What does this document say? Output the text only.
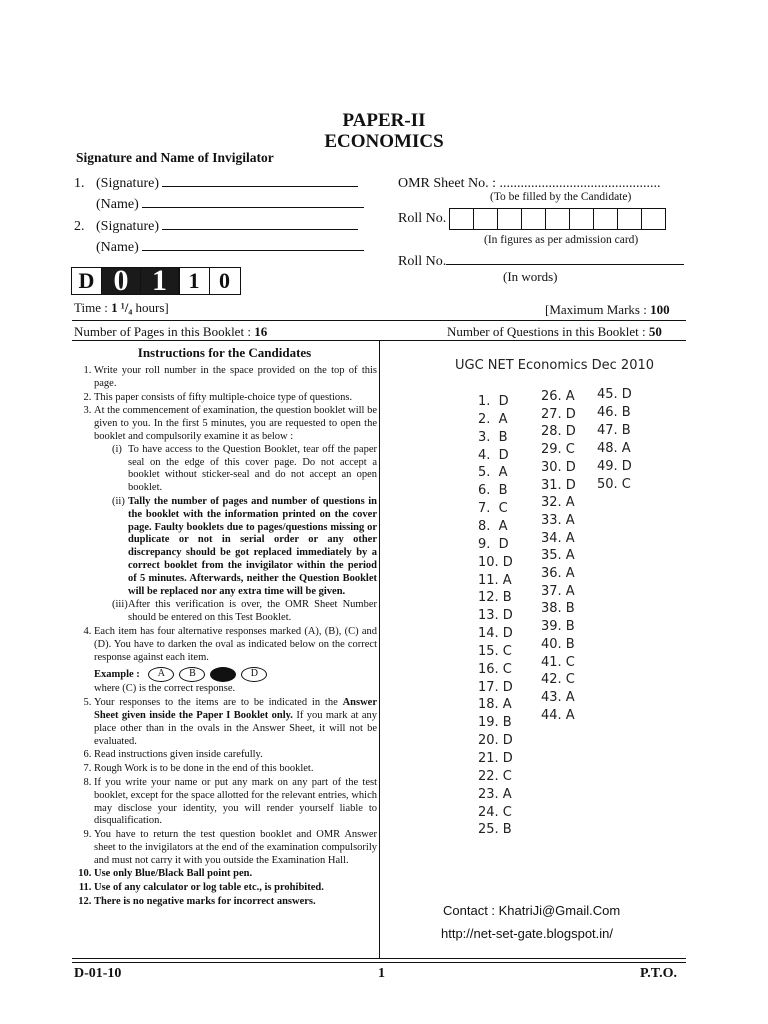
PAPER-II
ECONOMICS
Signature and Name of Invigilator
1. (Signature)
(Name)
2. (Signature)
(Name)
OMR Sheet No. : ..............................................
(To be filled by the Candidate)
Roll No.
(In figures as per admission card)
Roll No.
(In words)
D 0 1 1 0
Time : 1 ¹/₄ hours]	[Maximum Marks : 100
Number of Pages in this Booklet : 16	Number of Questions in this Booklet : 50
Instructions for the Candidates
1. Write your roll number in the space provided on the top of this page.
2. This paper consists of fifty multiple-choice type of questions.
3. At the commencement of examination, the question booklet will be given to you. In the first 5 minutes, you are requested to open the booklet and compulsorily examine it as below :
(i) To have access to the Question Booklet, tear off the paper seal on the edge of this cover page. Do not accept a booklet without sticker-seal and do not accept an open booklet.
(ii) Tally the number of pages and number of questions in the booklet with the information printed on the cover page. Faulty booklets due to pages/questions missing or duplicate or not in serial order or any other discrepancy should be got replaced immediately by a correct booklet from the invigilator within the period of 5 minutes. Afterwards, neither the Question Booklet will be replaced nor any extra time will be given.
(iii)After this verification is over, the OMR Sheet Number should be entered on this Test Booklet.
4. Each item has four alternative responses marked (A), (B), (C) and (D). You have to darken the oval as indicated below on the correct response against each item.
Example :	A	B	D
where (C) is the correct response.
5. Your responses to the items are to be indicated in the Answer Sheet given inside the Paper I Booklet only. If you mark at any place other than in the ovals in the Answer Sheet, it will not be evaluated.
6. Read instructions given inside carefully.
7. Rough Work is to be done in the end of this booklet.
8. If you write your name or put any mark on any part of the test booklet, except for the space allotted for the relevant entries, which may disclose your identity, you will render yourself liable to disqualification.
9. You have to return the test question booklet and OMR Answer sheet to the invigilators at the end of the examination compulsorily and must not carry it with you outside the Examination Hall.
10. Use only Blue/Black Ball point pen.
11. Use of any calculator or log table etc., is prohibited.
12. There is no negative marks for incorrect answers.
UGC NET Economics Dec 2010
1.  D
2.  A
3.  B
4.  D
5.  A
6.  B
7.  C
8.  A
9.  D
10. D
11. A
12. B
13. D
14. D
15. C
16. C
17. D
18. A
19. B
20. D
21. D
22. C
23. A
24. C
25. B
26. A
27. D
28. D
29. C
30. D
31. D
32. A
33. A
34. A
35. A
36. A
37. A
38. B
39. B
40. B
41. C
42. C
43. A
44. A
45. D
46. B
47. B
48. A
49. D
50. C
Contact : KhatriJi@Gmail.Com
http://net-set-gate.blogspot.in/
D-01-10	1	P.T.O.
